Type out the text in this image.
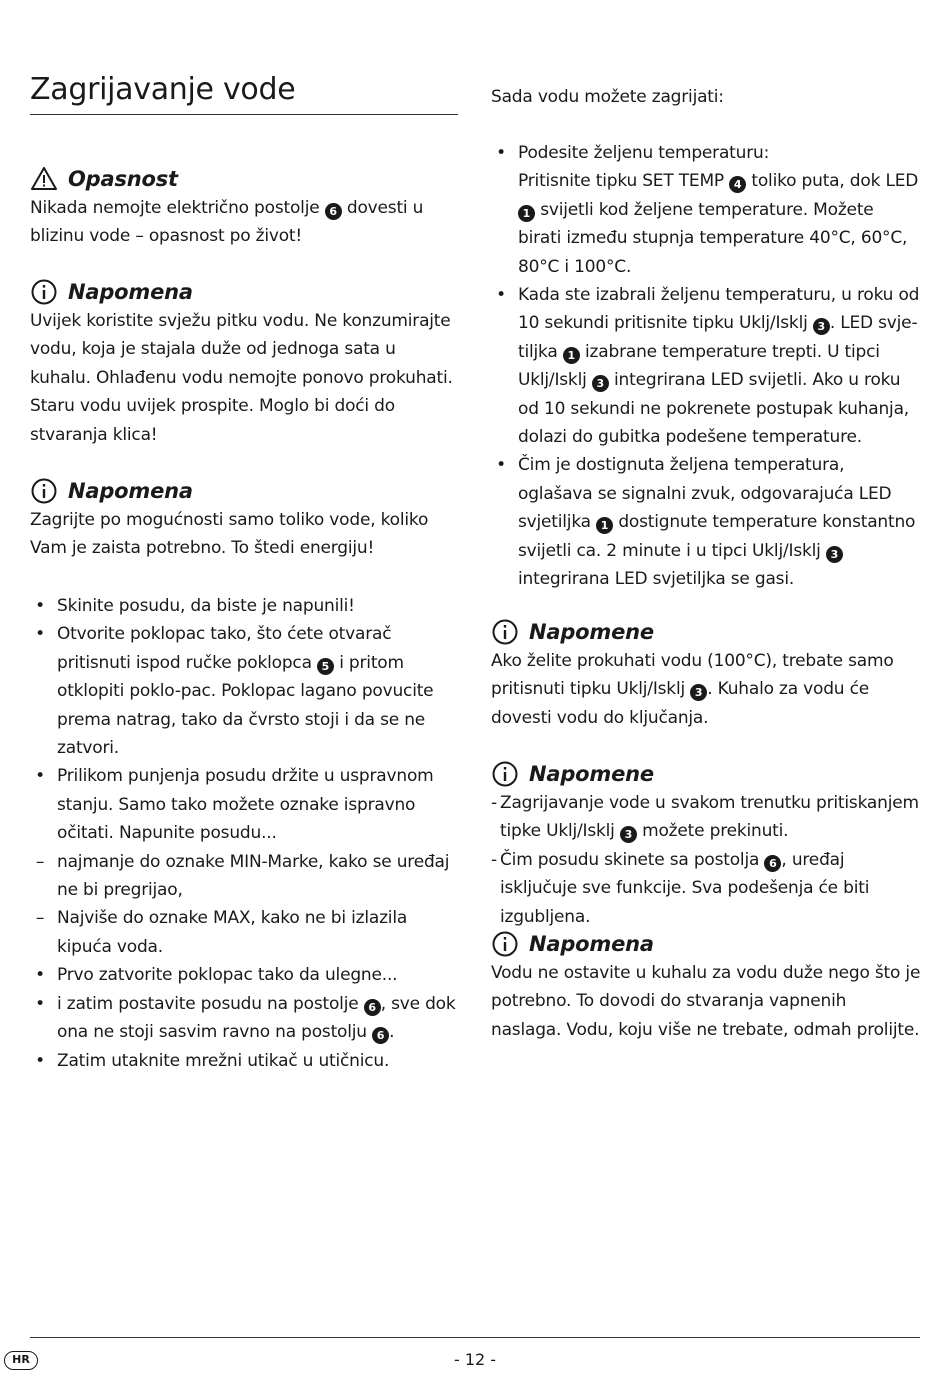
Zagrijavanje vode
Opasnost

Nikada nemojte električno postolje 6 dovesti u blizinu vode – opasnost po život!

Napomena

Uvijek koristite svježu pitku vodu. Ne konzumirajte vodu, koja je stajala duže od jednoga sata u kuhalu. Ohlađenu vodu nemojte ponovo prokuhati. Staru vodu uvijek prospite. Moglo bi doći do stvaranja klica!

Napomena

Zagrijte po mogućnosti samo toliko vode, koliko Vam je zaista potrebno. To štedi energiju!

• Skinite posudu, da biste je napunili!
• Otvorite poklopac tako, što ćete otvarač pritisnuti ispod ručke poklopca 5 i pritom otklopiti poklo-pac. Poklopac lagano povucite prema natrag, tako da čvrsto stoji i da se ne zatvori.
• Prilikom punjenja posudu držite u uspravnom stanju. Samo tako možete oznake ispravno očitati. Napunite posudu...
– najmanje do oznake MIN-Marke, kako se uređaj ne bi pregrijao,
– Najviše do oznake MAX, kako ne bi izlazila kipuća voda.
• Prvo zatvorite poklopac tako da ulegne...
• i zatim postavite posudu na postolje 6 , sve dok ona ne stoji sasvim ravno na postolju 6 .
• Zatim utaknite mrežni utikač u utičnicu.

Sada vodu možete zagrijati:

• Podesite željenu temperaturu:
Pritisnite tipku SET TEMP 4 toliko puta, dok LED 1 svijetli kod željene temperature. Možete birati između stupnja temperature 40°C, 60°C, 80°C i 100°C.
• Kada ste izabrali željenu temperaturu, u roku od 10 sekundi pritisnite tipku Uklj/Isklj 3 . LED svje-tiljka 1 izabrane temperature trepti. U tipci Uklj/Isklj 3 integrirana LED svijetli. Ako u roku od 10 sekundi ne pokrenete postupak kuhanja, dolazi do gubitka podešene temperature.
• Čim je dostignuta željena temperatura, oglašava se signalni zvuk, odgovarajuća LED svjetiljka 1 dostignute temperature konstantno svijetli ca. 2 minute i u tipci Uklj/Isklj 3 integrirana LED svjetiljka se gasi.
Napomene

Ako želite prokuhati vodu (100°C), trebate samo pritisnuti tipku Uklj/Isklj 3 . Kuhalo za vodu će dovesti vodu do ključanja.

Napomene
- Zagrijavanje vode u svakom trenutku pritiskanjem tipke Uklj/Isklj 3 možete prekinuti.
- Čim posudu skinete sa postolja 6 , uređaj isključuje sve funkcije. Sva podešenja će biti izgubljena.
Napomena

Vodu ne ostavite u kuhalu za vodu duže nego što je potrebno. To dovodi do stvaranja vapnenih naslaga. Vodu, koju više ne trebate, odmah prolijte.

HR	- 12 -
